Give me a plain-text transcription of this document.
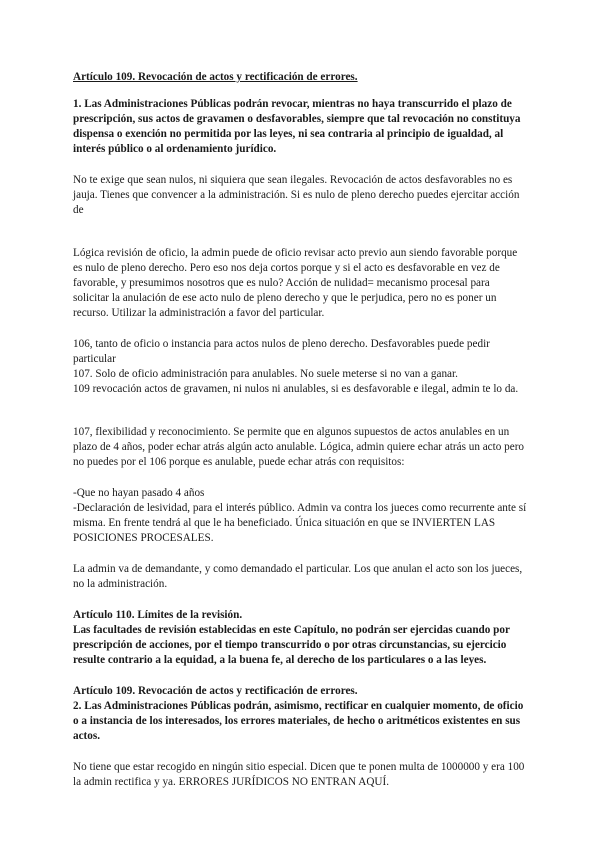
Artículo 109. Revocación de actos y rectificación de errores.

1. Las Administraciones Públicas podrán revocar, mientras no haya transcurrido el plazo de prescripción, sus actos de gravamen o desfavorables, siempre que tal revocación no constituya dispensa o exención no permitida por las leyes, ni sea contraria al principio de igualdad, al interés público o al ordenamiento jurídico.

No te exige que sean nulos, ni siquiera que sean ilegales. Revocación de actos desfavorables no es jauja. Tienes que convencer a la administración. Si es nulo de pleno derecho puedes ejercitar acción de

Lógica revisión de oficio, la admin puede de oficio revisar acto previo aun siendo favorable porque es nulo de pleno derecho. Pero eso nos deja cortos porque y si el acto es desfavorable en vez de favorable, y presumimos nosotros que es nulo? Acción de nulidad= mecanismo procesal para solicitar la anulación de ese acto nulo de pleno derecho y que le perjudica, pero no es poner un recurso. Utilizar la administración a favor del particular.

106, tanto de oficio o instancia para actos nulos de pleno derecho. Desfavorables puede pedir particular
107. Solo de oficio administración para anulables. No suele meterse si no van a ganar.
109 revocación actos de gravamen, ni nulos ni anulables, si es desfavorable e ilegal, admin te lo da.

107, flexibilidad y reconocimiento. Se permite que en algunos supuestos de actos anulables en un plazo de 4 años, poder echar atrás algún acto anulable. Lógica, admin quiere echar atrás un acto pero no puedes por el 106 porque es anulable, puede echar atrás con requisitos:

-Que no hayan pasado 4 años
-Declaración de lesividad, para el interés público. Admin va contra los jueces como recurrente ante sí misma. En frente tendrá al que le ha beneficiado. Única situación en que se INVIERTEN LAS POSICIONES PROCESALES.

La admin va de demandante, y como demandado el particular. Los que anulan el acto son los jueces, no la administración.

Artículo 110. Límites de la revisión.
Las facultades de revisión establecidas en este Capítulo, no podrán ser ejercidas cuando por prescripción de acciones, por el tiempo transcurrido o por otras circunstancias, su ejercicio resulte contrario a la equidad, a la buena fe, al derecho de los particulares o a las leyes.
Artículo 109. Revocación de actos y rectificación de errores.
2. Las Administraciones Públicas podrán, asimismo, rectificar en cualquier momento, de oficio o a instancia de los interesados, los errores materiales, de hecho o aritméticos existentes en sus actos.

No tiene que estar recogido en ningún sitio especial. Dicen que te ponen multa de 1000000 y era 100 la admin rectifica y ya. ERRORES JURÍDICOS NO ENTRAN AQUÍ.
